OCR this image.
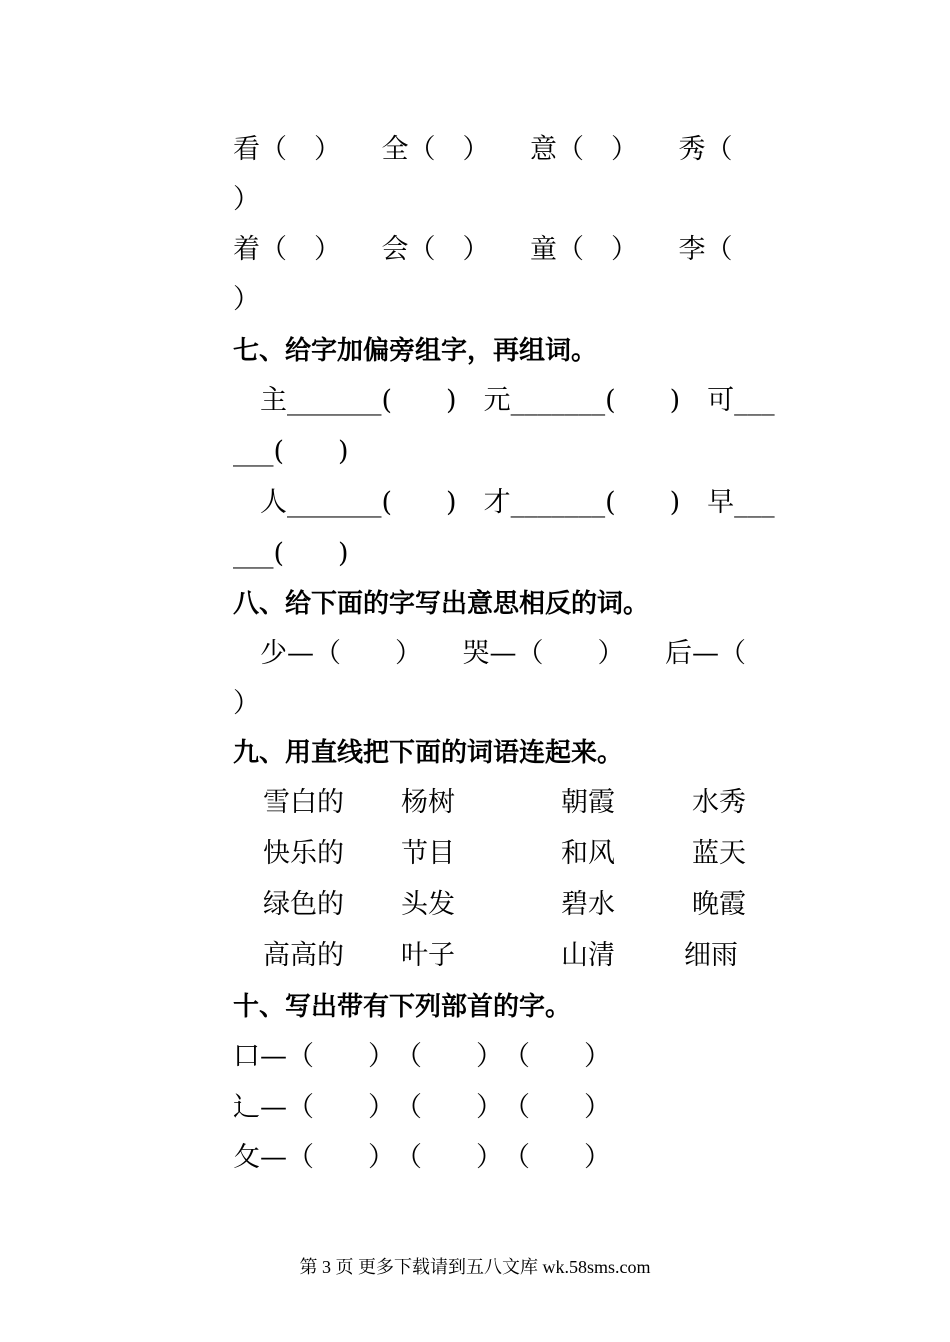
看（　）　　全（　）　　意（　）　　秀（
）
着（　）　　会（　）　　童（　）　　李（
）
七、给字加偏旁组字，再组词。
　主_______(　　)　元_______(　　)　可___
___(　　)
　人_______(　　)　才_______(　　)　早___
___(　　)
八、给下面的字写出意思相反的词。
　少—（　　）　　哭—（　　）　　后—（
）
九、用直线把下面的词语连起来。
雪白的 杨树	朝霞	水秀
快乐的 节目	和风	蓝天
绿色的 头发	碧水	晚霞
高高的 叶子	山清	细雨
十、写出带有下列部首的字。
口—（　　）　（　　）　（　　）
辶—（　　）　（　　）　（　　）
攵—（　　）　（　　）　（　　）
第 3 页 更多下载请到五八文库 wk.58sms.com
